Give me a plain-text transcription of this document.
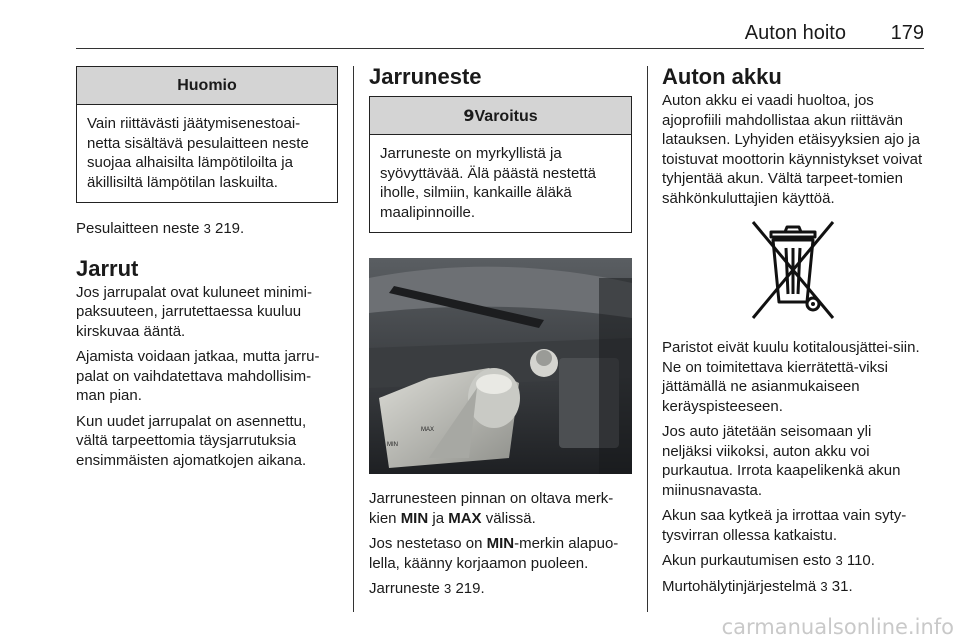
Auton hoito 179
Huomio
Vain riittävästi jäätymisenestoai-netta sisältävä pesulaitteen neste suojaa alhaisilta lämpötiloilta ja äkillisiltä lämpötilan laskuilta.

Pesulaitteen neste 3 219.

Jarrut

Jos jarrupalat ovat kuluneet minimi-paksuuteen, jarrutettaessa kuuluu kirskuvaa ääntä.

Ajamista voidaan jatkaa, mutta jarru-palat on vaihdatettava mahdollisim-man pian.

Kun uudet jarrupalat on asennettu, vältä tarpeettomia täysjarrutuksia ensimmäisten ajomatkojen aikana.

Jarruneste
9Varoitus
Jarruneste on myrkyllistä ja syövyttävää. Älä päästä nestettä iholle, silmiin, kankaille äläkä maalipinnoille.
MAX
MIN

Jarrunesteen pinnan on oltava merk-kien MIN ja MAX välissä.

Jos nestetaso on MIN-merkin alapuo-lella, käänny korjaamon puoleen.

Jarruneste 3 219.

Auton akku

Auton akku ei vaadi huoltoa, jos ajoprofiili mahdollistaa akun riittävän latauksen. Lyhyiden etäisyyksien ajo ja toistuvat moottorin käynnistykset voivat tyhjentää akun. Vältä tarpeet-tomien sähkönkuluttajien käyttöä.

Paristot eivät kuulu kotitalousjättei-siin. Ne on toimitettava kierrätettä-viksi jättämällä ne asianmukaiseen keräyspisteeseen.

Jos auto jätetään seisomaan yli neljäksi viikoksi, auton akku voi purkautua. Irrota kaapelikenkä akun miinusnavasta.

Akun saa kytkeä ja irrottaa vain syty-tysvirran ollessa katkaistu.

Akun purkautumisen esto 3 110.

Murtohälytinjärjestelmä 3 31.

carmanualsonline.info
